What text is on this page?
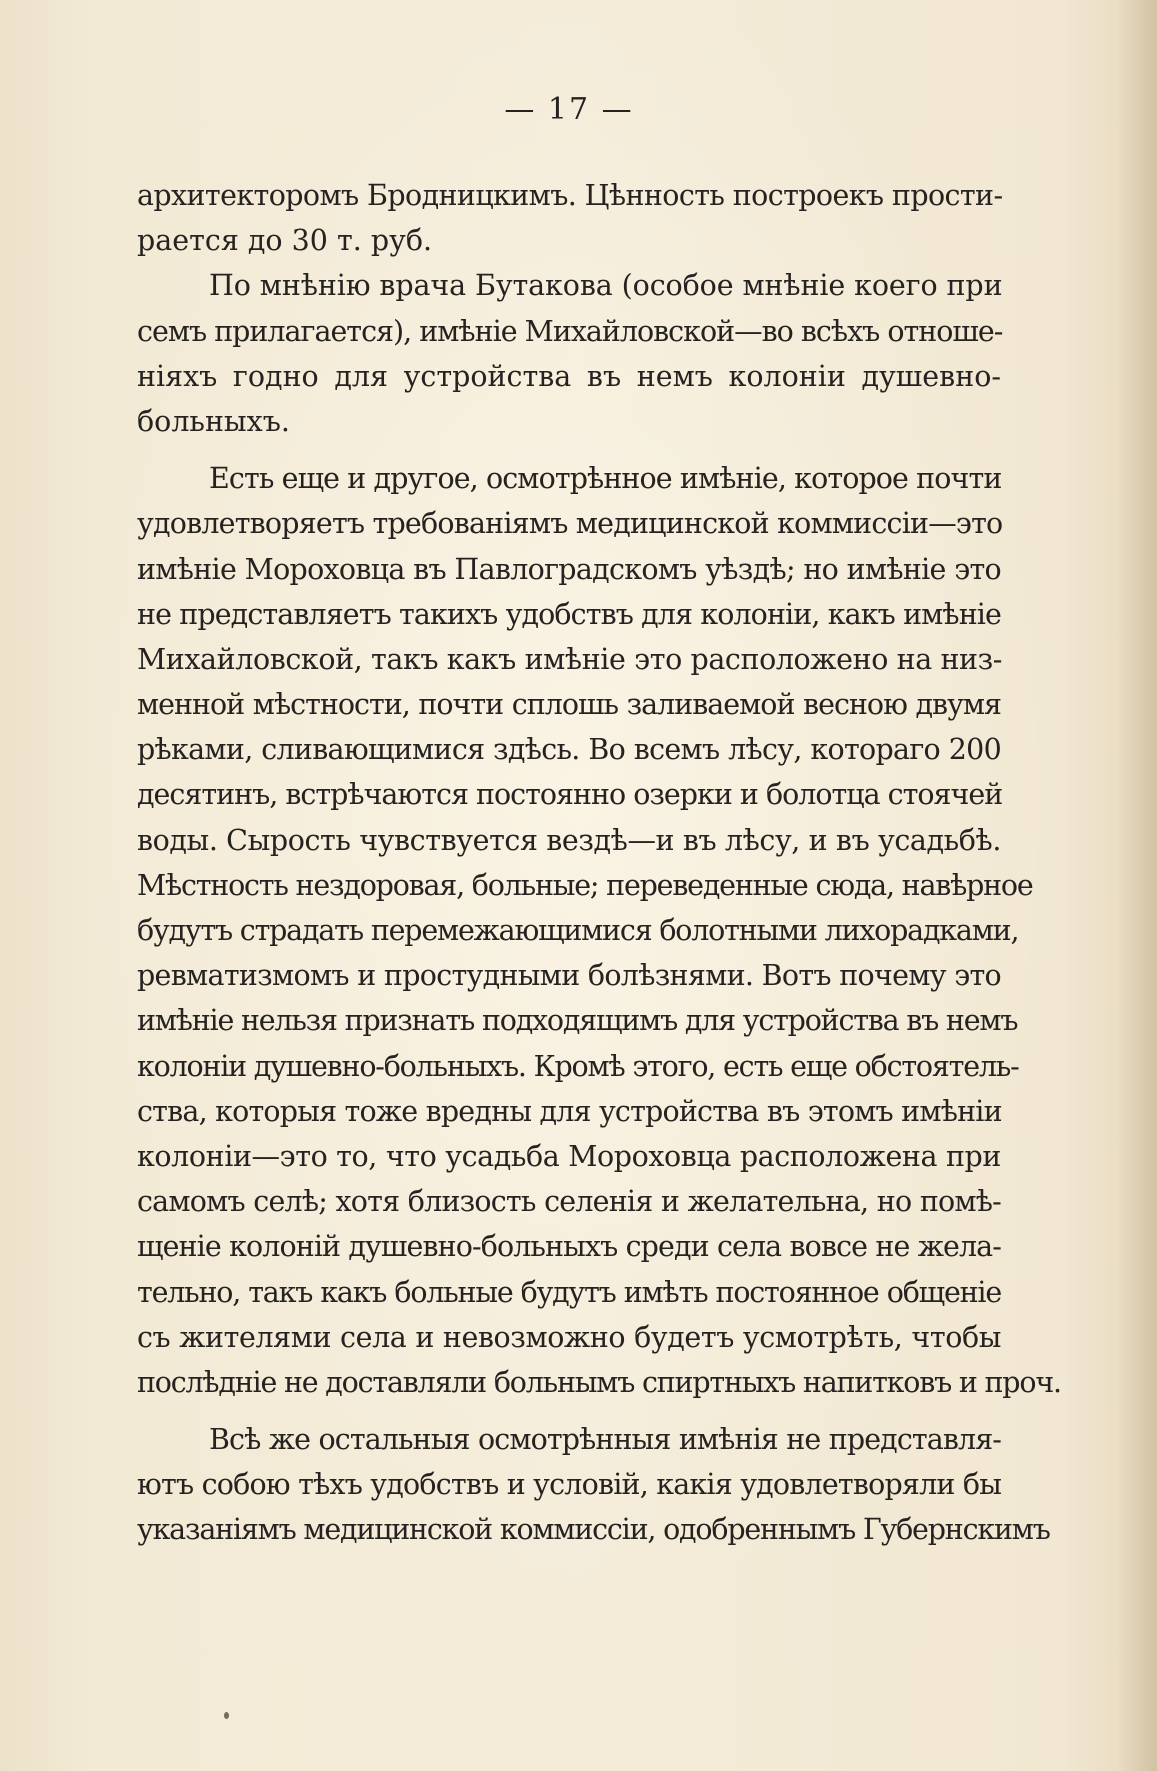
— 17 —
архитекторомъ Бродницкимъ. Цѣнность построекъ прости-
рается до 30 т. руб.
По мнѣнію врача Бутакова (особое мнѣніе коего при
семъ прилагается), имѣніе Михайловской—во всѣхъ отноше-
ніяхъ годно для устройства въ немъ колоніи душевно-
больныхъ.
Есть еще и другое, осмотрѣнное имѣніе, которое почти
удовлетворяетъ требованіямъ медицинской коммиссіи—это
имѣніе Мороховца въ Павлоградскомъ уѣздѣ; но имѣніе это
не представляетъ такихъ удобствъ для колоніи, какъ имѣніе
Михайловской, такъ какъ имѣніе это расположено на низ-
менной мѣстности, почти сплошь заливаемой весною двумя
рѣками, сливающимися здѣсь. Во всемъ лѣсу, котораго 200
десятинъ, встрѣчаются постоянно озерки и болотца стоячей
воды. Сырость чувствуется вездѣ—и въ лѣсу, и въ усадьбѣ.
Мѣстность нездоровая, больные; переведенные сюда, навѣрное
будутъ страдать перемежающимися болотными лихорадками,
ревматизмомъ и простудными болѣзнями. Вотъ почему это
имѣніе нельзя признать подходящимъ для устройства въ немъ
колоніи душевно-больныхъ. Кромѣ этого, есть еще обстоятель-
ства, которыя тоже вредны для устройства въ этомъ имѣніи
колоніи—это то, что усадьба Мороховца расположена при
самомъ селѣ; хотя близость селенія и желательна, но помѣ-
щеніе колоній душевно-больныхъ среди села вовсе не жела-
тельно, такъ какъ больные будутъ имѣть постоянное общеніе
съ жителями села и невозможно будетъ усмотрѣть, чтобы
послѣдніе не доставляли больнымъ спиртныхъ напитковъ и проч.
Всѣ же остальныя осмотрѣнныя имѣнія не представля-
ютъ собою тѣхъ удобствъ и условій, какія удовлетворяли бы
указаніямъ медицинской коммиссіи, одобреннымъ Губернскимъ
